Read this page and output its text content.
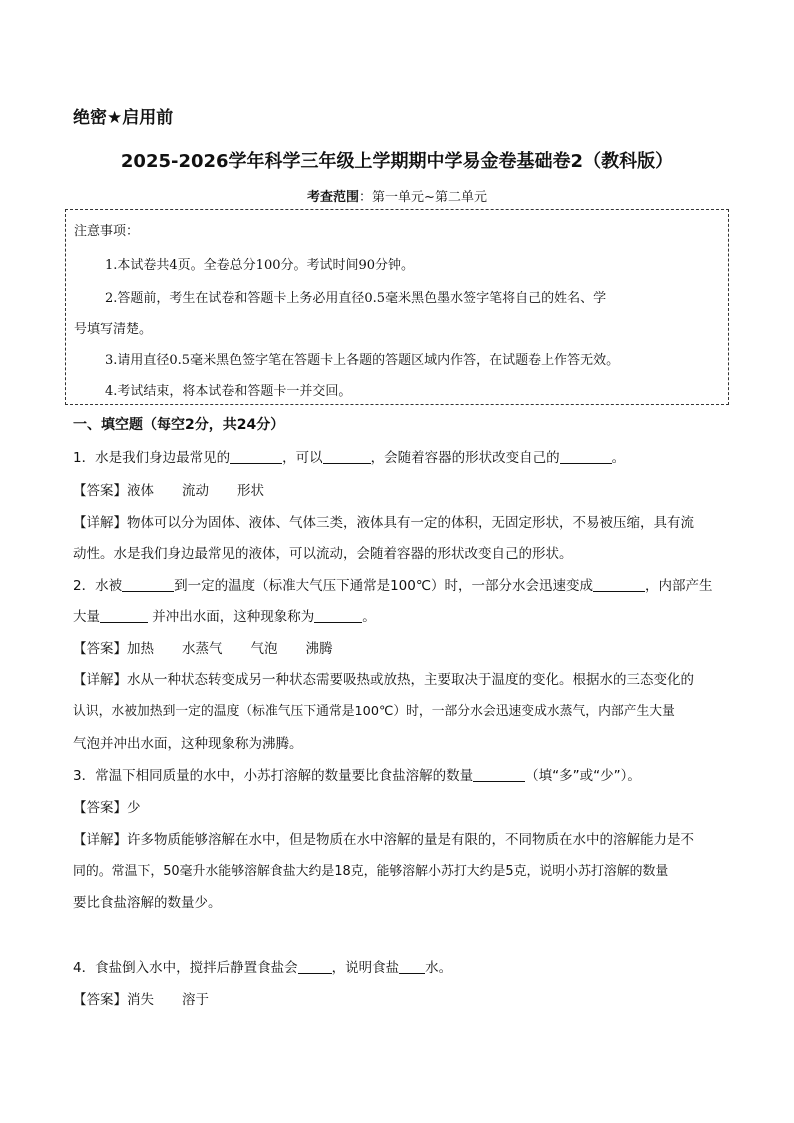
绝密★启用前
2025-2026学年科学三年级上学期期中学易金卷基础卷2（教科版）
考查范围：第一单元~第二单元
注意事项：
1.本试卷共4页。全卷总分100分。考试时间90分钟。
2.答题前，考生在试卷和答题卡上务必用直径0.5毫米黑色墨水签字笔将自己的姓名、学
号填写清楚。
3.请用直径0.5毫米黑色签字笔在答题卡上各题的答题区域内作答，在试题卷上作答无效。
4.考试结束，将本试卷和答题卡一并交回。
一、填空题（每空2分，共24分）
1．水是我们身边最常见的	，可以	，会随着容器的形状改变自己的	。
【答案】液体 流动 形状
【详解】物体可以分为固体、液体、气体三类，液体具有一定的体积，无固定形状，不易被压缩，具有流
动性。水是我们身边最常见的液体，可以流动，会随着容器的形状改变自己的形状。
2．水被	到一定的温度（标准大气压下通常是100℃）时，一部分水会迅速变成	，内部产生
大量	并冲出水面，这种现象称为	。
【答案】加热 水蒸气 气泡 沸腾
【详解】水从一种状态转变成另一种状态需要吸热或放热，主要取决于温度的变化。根据水的三态变化的
认识，水被加热到一定的温度（标准气压下通常是100℃）时，一部分水会迅速变成水蒸气，内部产生大量
气泡并冲出水面，这种现象称为沸腾。
3．常温下相同质量的水中，小苏打溶解的数量要比食盐溶解的数量	（填“多”或“少”）。
【答案】少
【详解】许多物质能够溶解在水中，但是物质在水中溶解的量是有限的，不同物质在水中的溶解能力是不
同的。常温下，50毫升水能够溶解食盐大约是18克，能够溶解小苏打大约是5克，说明小苏打溶解的数量
要比食盐溶解的数量少。
4．食盐倒入水中，搅拌后静置食盐会	，说明食盐 水。
【答案】消失 溶于
